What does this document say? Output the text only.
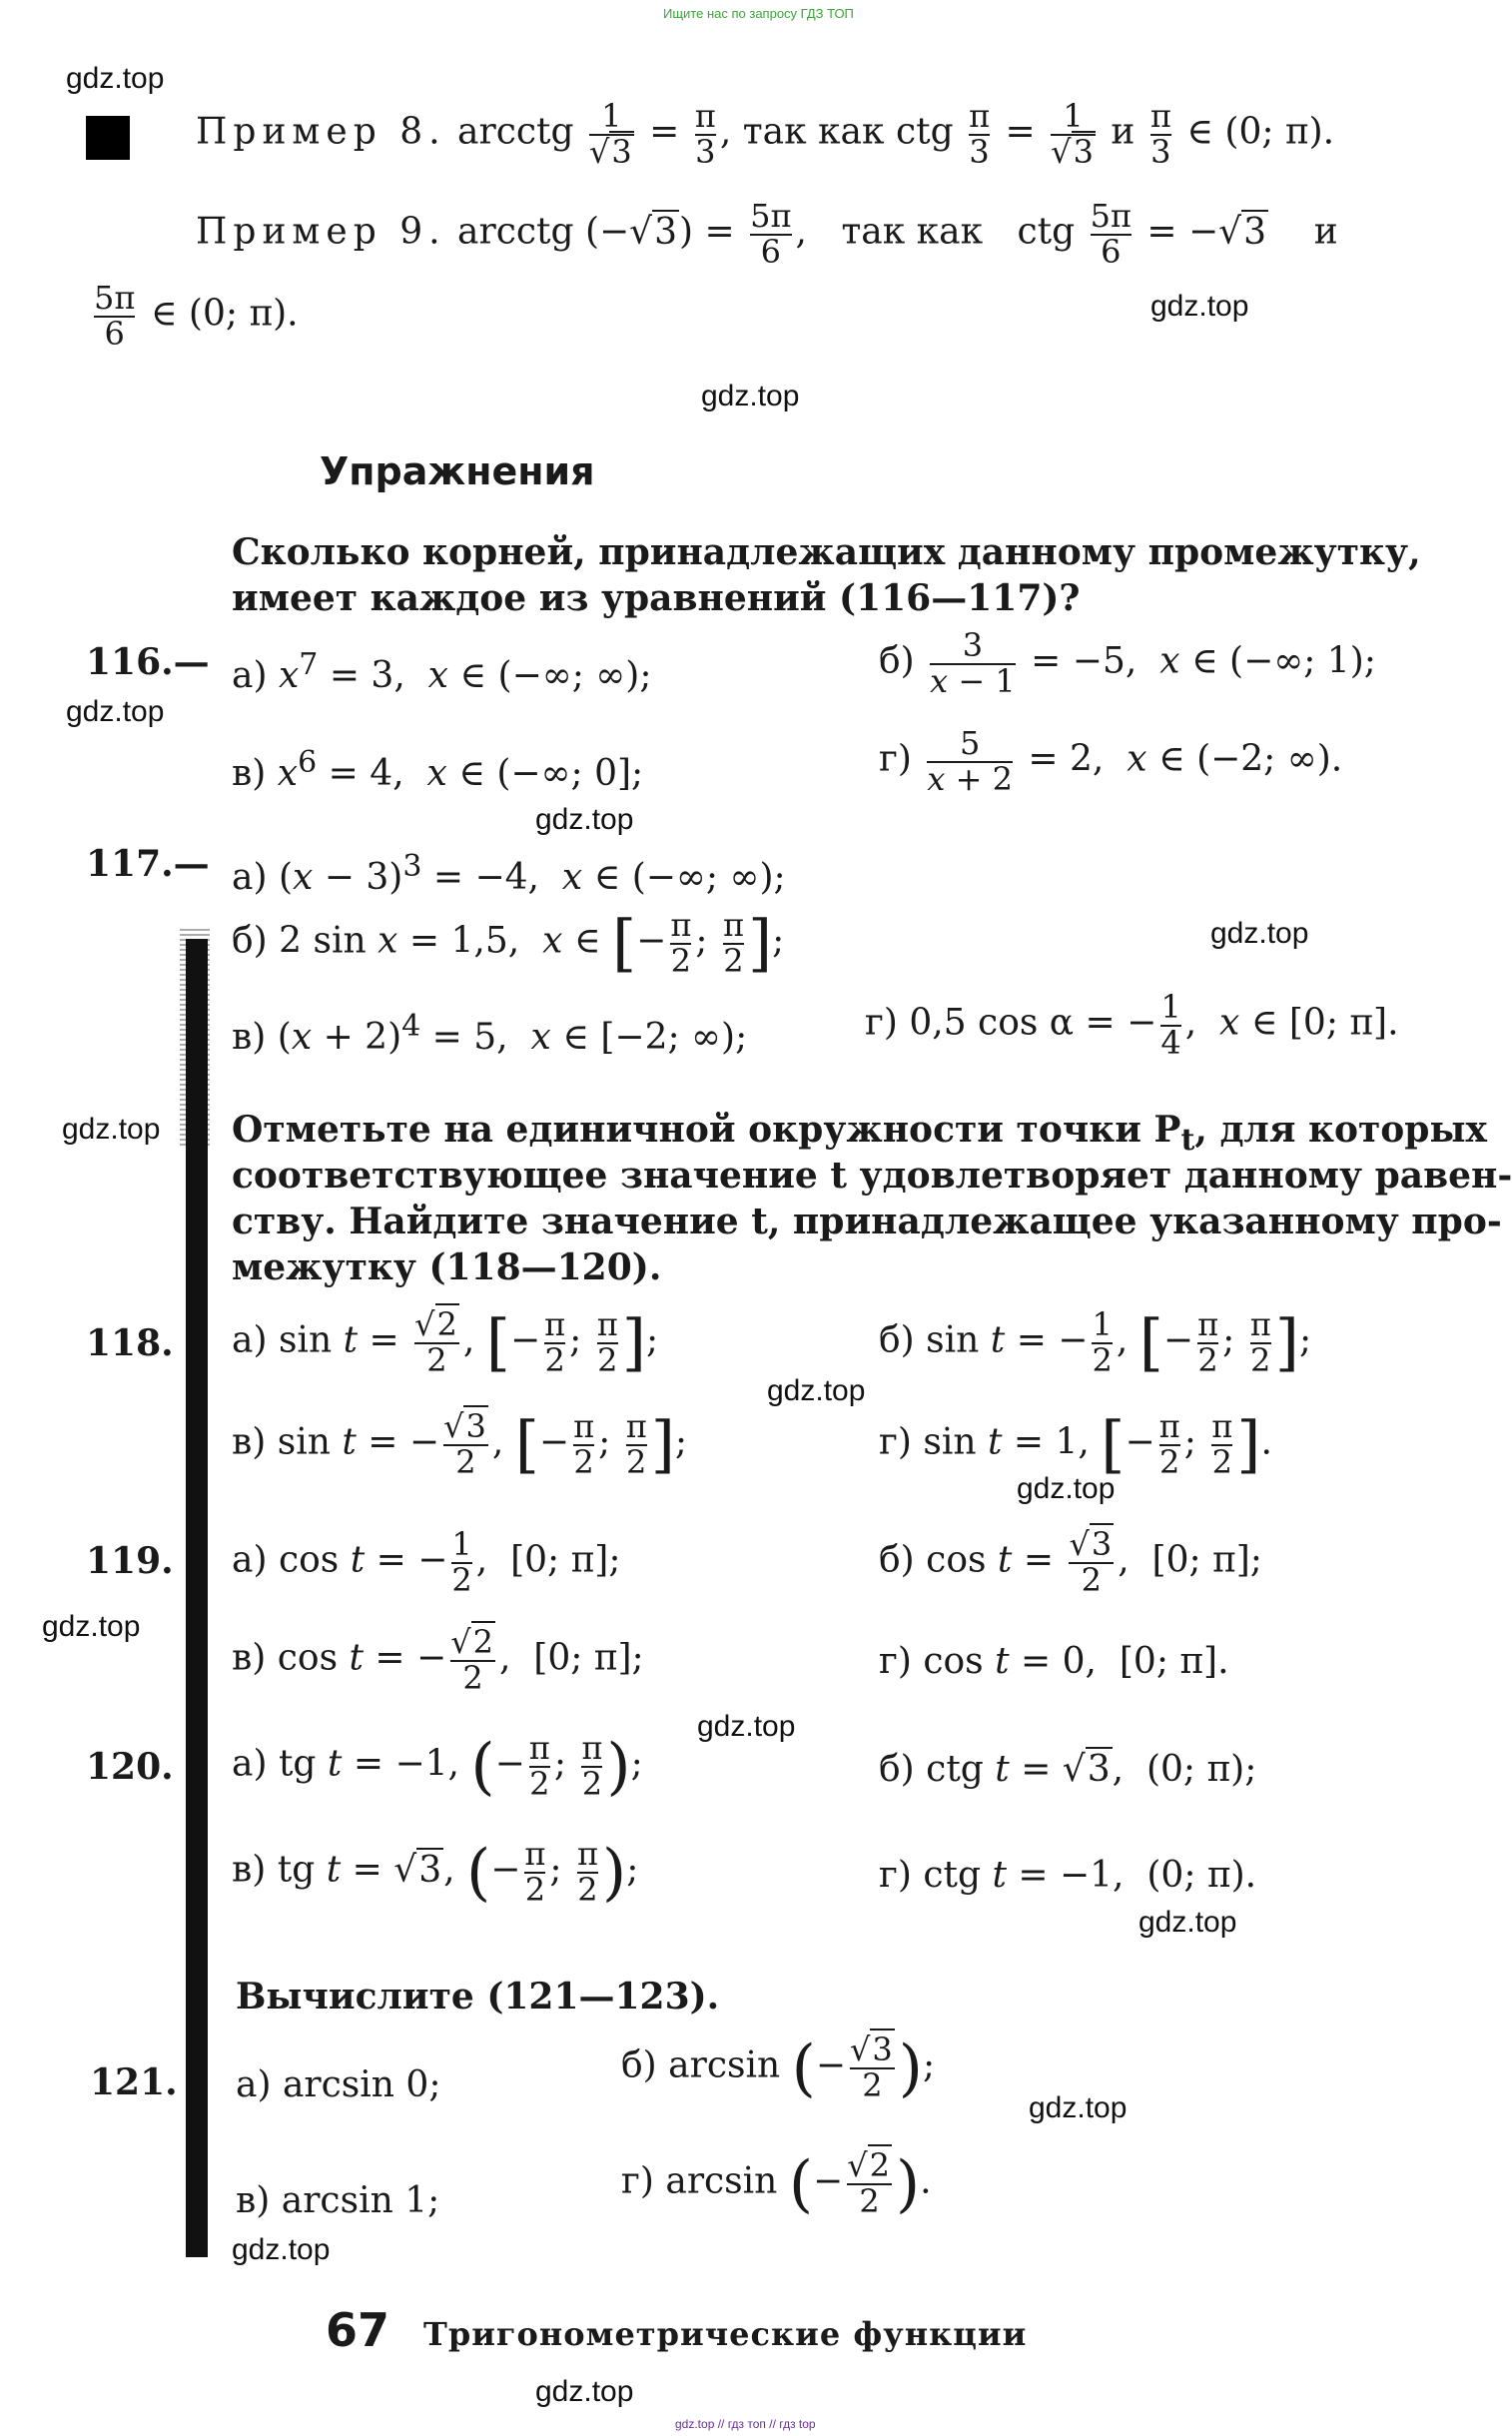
Ищите нас по запросу ГДЗ ТОП
gdz.top
gdz.top
gdz.top
gdz.top
gdz.top
gdz.top
gdz.top
gdz.top
gdz.top
gdz.top
gdz.top
gdz.top
gdz.top
gdz.top
gdz.top
Пример 8. arcctg $\frac{1}{√3} = \frac{\pi}{3}$ , так как ctg $\frac{\pi}{3} = \frac{1}{√3}$ и $\frac{\pi}{3}$ ∈ (0; π).
Пример 9. arcctg $(-√3) = \frac{5\pi}{6}$ ,   так как   ctg $\frac{5\pi}{6} = -√3$ и
$\frac{5\pi}{6}$ ∈ (0; π).
Упражнения
Сколько корней, принадлежащих данному промежутку,
имеет каждое из уравнений (116—117)?
116.— а) $x^7 = 3$,  x ∈ (−∞; ∞);	$б) \frac{3}{x - 1} = -5$,  x ∈ (−∞; 1);
в) $x^6 = 4$,  x ∈ (−∞; 0];	$г) \frac{5}{x + 2} = 2$,  x ∈ (−2; ∞).
117.— а) $(x - 3)^3 = -4$,  x ∈ (−∞; ∞);
б) 2 sin x = 1,5,  x ∈ [− $\frac{\pi}{2}$ ; $\frac{\pi}{2}$ ];
в) $(x + 2)^4 = 5$,  x ∈ [−2; ∞);	г) 0,5 cos α = − $\frac{1}{4}$ ,  x ∈ [0; π].
Отметьте на единичной окружности точки $P_t$, для которых
соответствующее значение t удовлетворяет данному равен-
ству. Найдите значение t, принадлежащее указанному про-
межутку (118—120).
118. а) $\sin t = \frac{√2}{2}$ , [− $\frac{\pi}{2}$ ; $\frac{\pi}{2}$ ];	б) sin t = − $\frac{1}{2}$ , [− $\frac{\pi}{2}$ ; $\frac{\pi}{2}$ ];
в) sin t = − $\frac{√3}{2}$ , [− $\frac{\pi}{2}$ ; $\frac{\pi}{2}$ ];	г) sin t = 1, [− $\frac{\pi}{2}$ ; $\frac{\pi}{2}$ ].
119. а) cos t = − $\frac{1}{2}$ ,  [0; π];	б) $\cos t = \frac{√3}{2}$ ,  [0; π];
в) cos t = − $\frac{√2}{2}$ ,  [0; π];	г) cos t = 0,  [0; π].
120. а) tg t = −1, (− $\frac{\pi}{2}$ ; $\frac{\pi}{2}$ );	б) ctg t = √3,  (0; π);
в) tg t = √3, (− $\frac{\pi}{2}$ ; $\frac{\pi}{2}$ );	г) ctg t = −1,  (0; π).
Вычислите (121—123).
121. а) arcsin 0;	б) arcsin (− $\frac{√3}{2}$ );
в) arcsin 1;	г) arcsin (− $\frac{√2}{2}$ ).
67 Тригонометрические функции
gdz.top // гдз топ // гдз top
